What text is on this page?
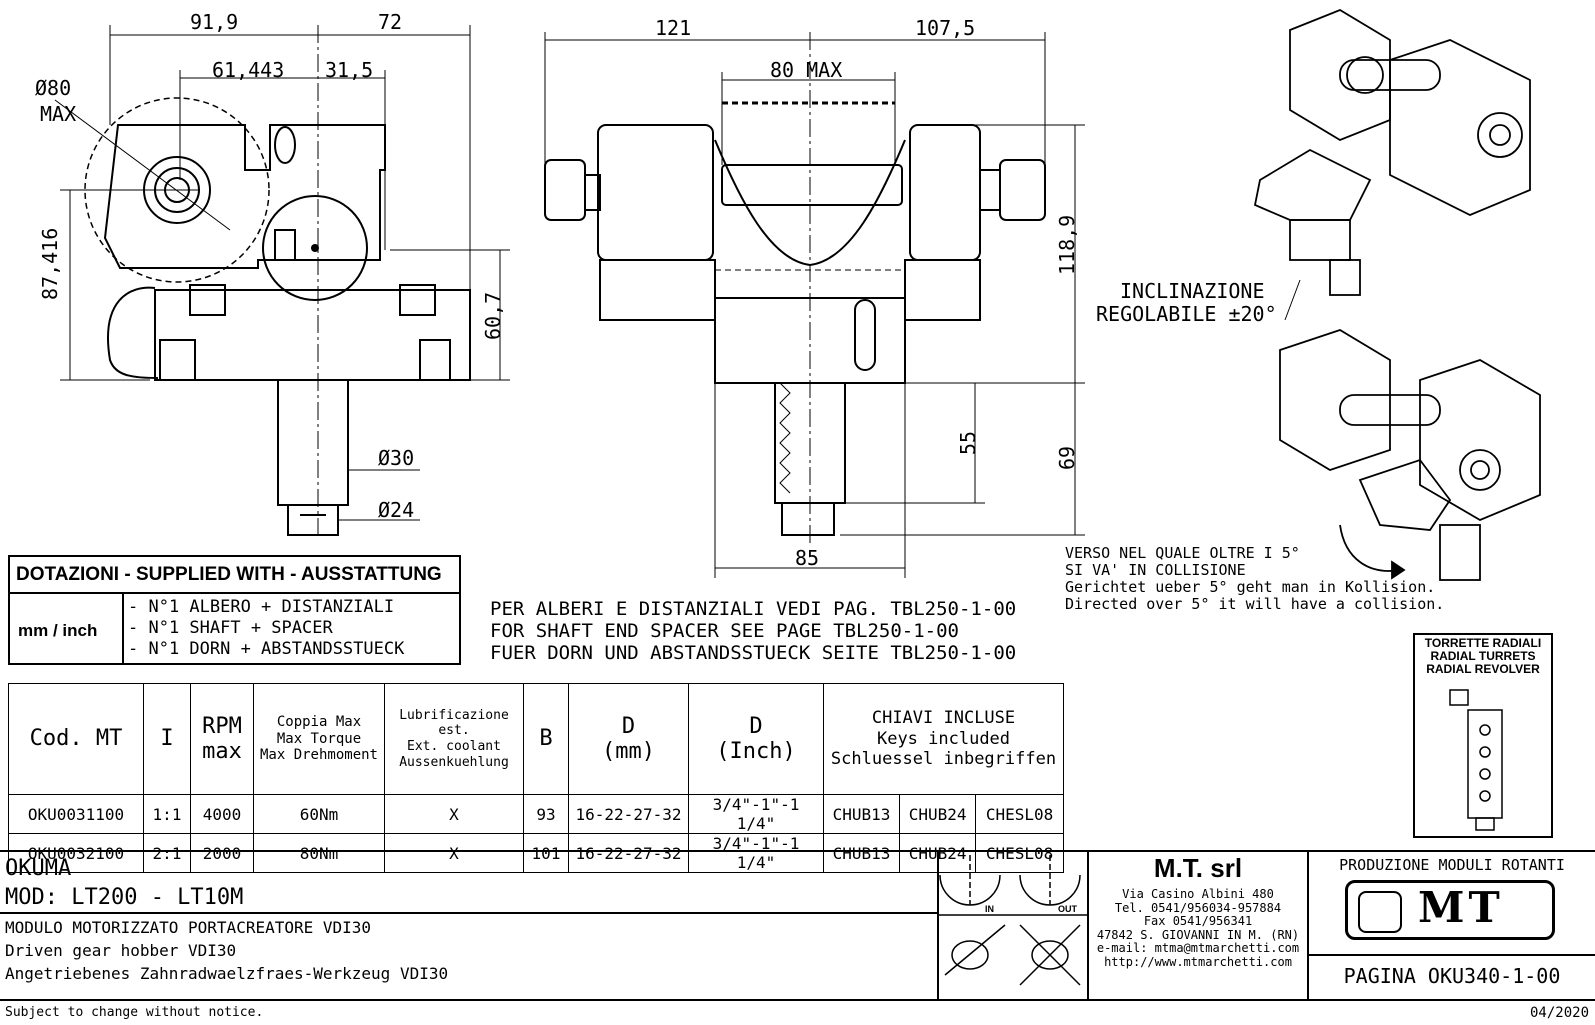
91,9	72
61,443 31,5
Ø80
MAX
87,416
60,7
Ø30
Ø24
121	107,5
80 MAX
118,9
55
69
85
INCLINAZIONE
REGOLABILE ±20°
VERSO NEL QUALE OLTRE I 5°
SI VA' IN COLLISIONE
Gerichtet ueber 5° geht man in Kollision.
Directed over 5° it will have a collision.
PER ALBERI E DISTANZIALI VEDI PAG. TBL250-1-00
FOR SHAFT END SPACER SEE PAGE TBL250-1-00
FUER DORN UND ABSTANDSSTUECK SEITE TBL250-1-00
DOTAZIONI - SUPPLIED WITH - AUSSTATTUNG
mm / inch
- N°1 ALBERO + DISTANZIALI
- N°1 SHAFT + SPACER
- N°1 DORN + ABSTANDSSTUECK	TORRETTE RADIALI
RADIAL TURRETS
RADIAL REVOLVER
Cod. MT	I	RPM
max	Coppia Max
Max Torque
Max Drehmoment	Lubrificazione est.
Ext. coolant
Aussenkuehlung	B	D
(mm)	D
(Inch)	CHIAVI INCLUSE
Keys included
Schluessel inbegriffen		
OKU0031100	1:1	4000	60Nm	X	93	16-22-27-32	3/4"-1"-1 1/4"	CHUB13	CHUB24	CHESL08
OKU0032100	2:1	2000	80Nm	X	101	16-22-27-32	3/4"-1"-1 1/4"	CHUB13	CHUB24	CHESL08
OKUMA
MOD: LT200 - LT10M
MODULO MOTORIZZATO PORTACREATORE VDI30
Driven gear hobber VDI30
Angetriebenes Zahnradwaelzfraes-Werkzeug VDI30
IN	OUT
M.T. srl
Via Casino Albini 480
Tel. 0541/956034-957884
Fax 0541/956341
47842 S. GIOVANNI IN M. (RN)
e-mail: mtma@mtmarchetti.com
http://www.mtmarchetti.com
PRODUZIONE MODULI ROTANTI
MT
PAGINA OKU340-1-00
Subject to change without notice.	04/2020
